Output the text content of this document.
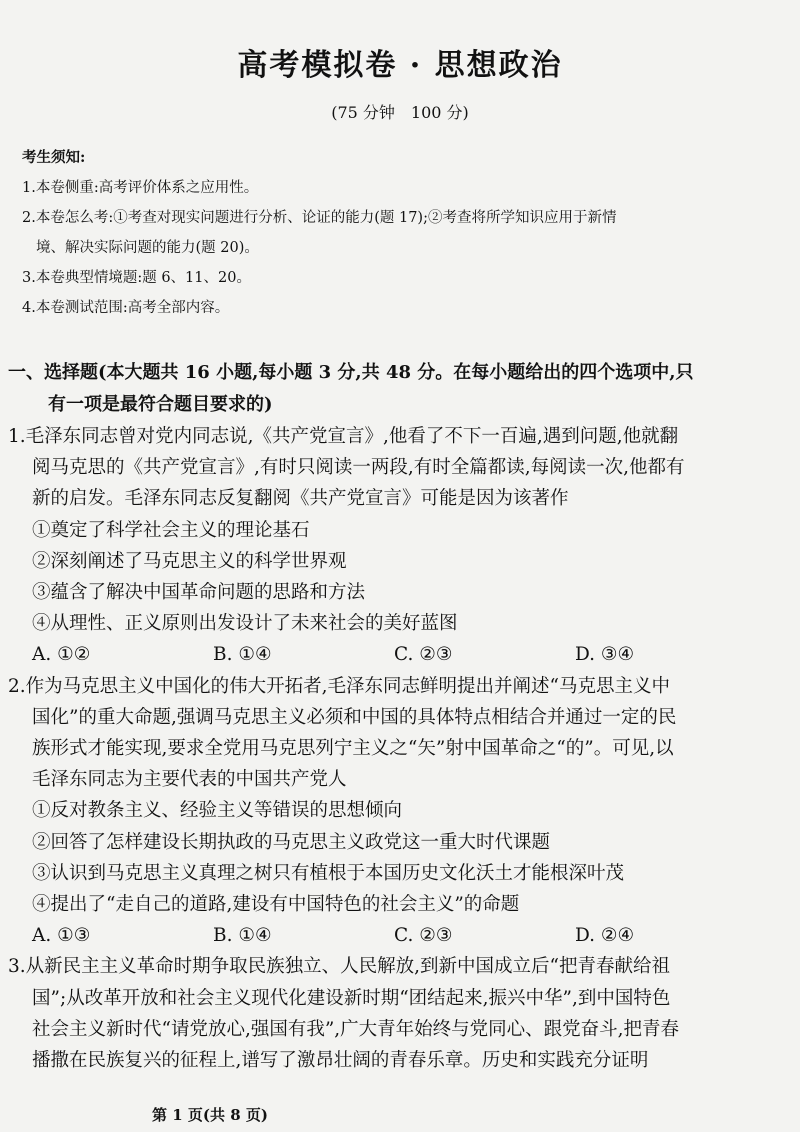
高考模拟卷 · 思想政治
(75 分钟　100 分)
考生须知:
1.本卷侧重:高考评价体系之应用性。
2.本卷怎么考:①考查对现实问题进行分析、论证的能力(题 17);②考查将所学知识应用于新情
境、解决实际问题的能力(题 20)。
3.本卷典型情境题:题 6、11、20。
4.本卷测试范围:高考全部内容。
一、选择题(本大题共 16 小题,每小题 3 分,共 48 分。在每小题给出的四个选项中,只
有一项是最符合题目要求的)
1.毛泽东同志曾对党内同志说,《共产党宣言》,他看了不下一百遍,遇到问题,他就翻
阅马克思的《共产党宣言》,有时只阅读一两段,有时全篇都读,每阅读一次,他都有
新的启发。毛泽东同志反复翻阅《共产党宣言》可能是因为该著作
①奠定了科学社会主义的理论基石
②深刻阐述了马克思主义的科学世界观
③蕴含了解决中国革命问题的思路和方法
④从理性、正义原则出发设计了未来社会的美好蓝图
A. ①②	B. ①④	C. ②③	D. ③④
2.作为马克思主义中国化的伟大开拓者,毛泽东同志鲜明提出并阐述“马克思主义中
国化”的重大命题,强调马克思主义必须和中国的具体特点相结合并通过一定的民
族形式才能实现,要求全党用马克思列宁主义之“矢”射中国革命之“的”。可见,以
毛泽东同志为主要代表的中国共产党人
①反对教条主义、经验主义等错误的思想倾向
②回答了怎样建设长期执政的马克思主义政党这一重大时代课题
③认识到马克思主义真理之树只有植根于本国历史文化沃土才能根深叶茂
④提出了“走自己的道路,建设有中国特色的社会主义”的命题
A. ①③	B. ①④	C. ②③	D. ②④
3.从新民主主义革命时期争取民族独立、人民解放,到新中国成立后“把青春献给祖
国”;从改革开放和社会主义现代化建设新时期“团结起来,振兴中华”,到中国特色
社会主义新时代“请党放心,强国有我”,广大青年始终与党同心、跟党奋斗,把青春
播撒在民族复兴的征程上,谱写了激昂壮阔的青春乐章。历史和实践充分证明
第 1 页(共 8 页)
